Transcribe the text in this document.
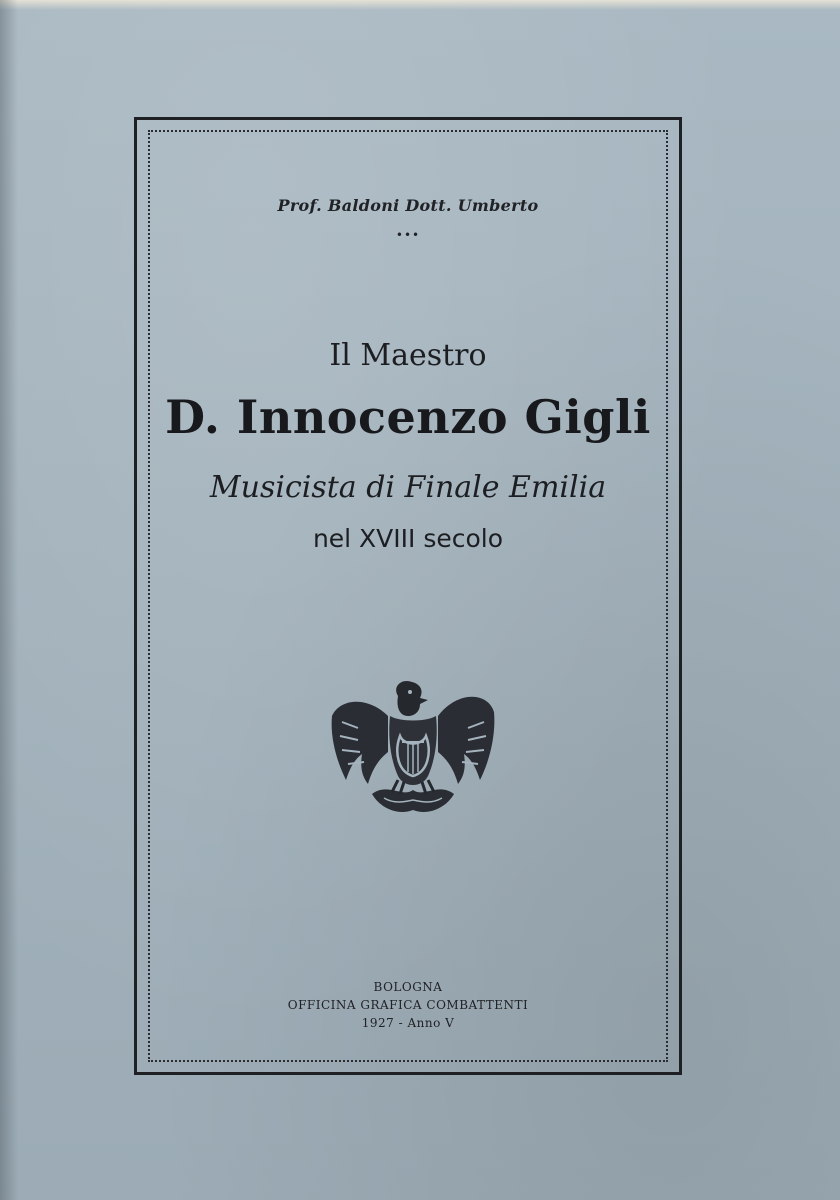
Prof. Baldoni Dott. Umberto
•••
Il Maestro
D. Innocenzo Gigli
Musicista di Finale Emilia
nel XVIII secolo
BOLOGNA
OFFICINA GRAFICA COMBATTENTI
1927 - Anno V
